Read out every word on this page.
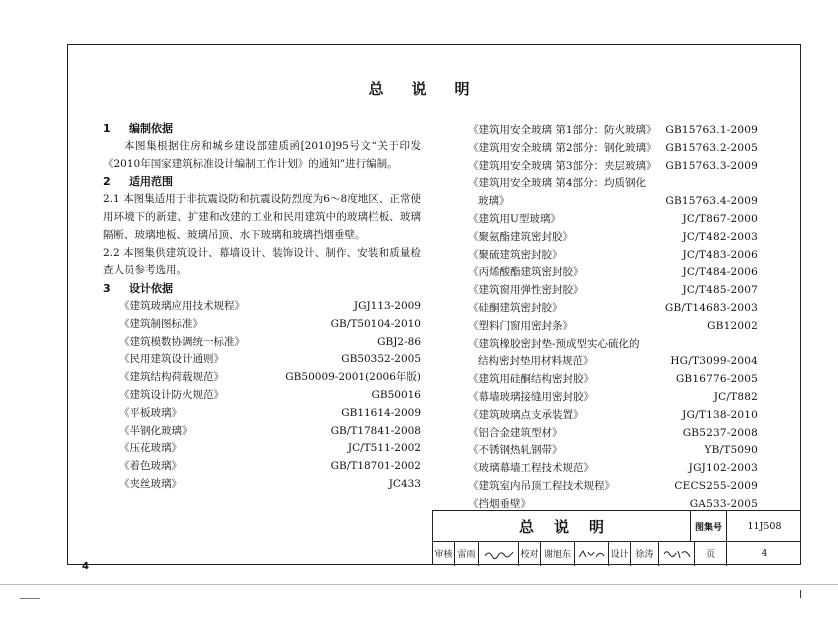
总 说 明
1 编制依据
本图集根据住房和城乡建设部建质函[2010]95号文“关于印发《2010年国家建筑标准设计编制工作计划》的通知”进行编制。
2 适用范围
2.1 本图集适用于非抗震设防和抗震设防烈度为6～8度地区、正常使用环境下的新建、扩建和改建的工业和民用建筑中的玻璃栏板、玻璃隔断、玻璃地板、玻璃吊顶、水下玻璃和玻璃挡烟垂壁。
2.2 本图集供建筑设计、幕墙设计、装饰设计、制作、安装和质量检查人员参考选用。
3 设计依据
《建筑玻璃应用技术规程》	JGJ113-2009
《建筑制图标准》	GB/T50104-2010
《建筑模数协调统一标准》	GBJ2-86
《民用建筑设计通则》	GB50352-2005
《建筑结构荷载规范》	GB50009-2001(2006年版)
《建筑设计防火规范》	GB50016
《平板玻璃》	GB11614-2009
《半钢化玻璃》	GB/T17841-2008
《压花玻璃》	JC/T511-2002
《着色玻璃》	GB/T18701-2002
《夹丝玻璃》	JC433
《建筑用安全玻璃 第1部分：防火玻璃》 GB15763.1-2009
《建筑用安全玻璃 第2部分：钢化玻璃》 GB15763.2-2005
《建筑用安全玻璃 第3部分：夹层玻璃》 GB15763.3-2009
《建筑用安全玻璃 第4部分：均质钢化
玻璃》	GB15763.4-2009
《建筑用U型玻璃》	JC/T867-2000
《聚氨酯建筑密封胶》	JC/T482-2003
《聚硫建筑密封胶》	JC/T483-2006
《丙烯酸酯建筑密封胶》	JC/T484-2006
《建筑窗用弹性密封胶》	JC/T485-2007
《硅酮建筑密封胶》	GB/T14683-2003
《塑料门窗用密封条》	GB12002
《建筑橡胶密封垫-预成型实心硫化的
结构密封垫用材料规范》	HG/T3099-2004
《建筑用硅酮结构密封胶》	GB16776-2005
《幕墙玻璃接缝用密封胶》	JC/T882
《建筑玻璃点支承装置》	JG/T138-2010
《铝合金建筑型材》	GB5237-2008
《不锈钢热轧钢带》	YB/T5090
《玻璃幕墙工程技术规范》	JGJ102-2003
《建筑室内吊顶工程技术规程》	CECS255-2009
《挡烟垂壁》	GA533-2005
总 说 明	图集号	11J508
审核 雷雨	校对 谢旭东	设计 徐涛	页	4
4
